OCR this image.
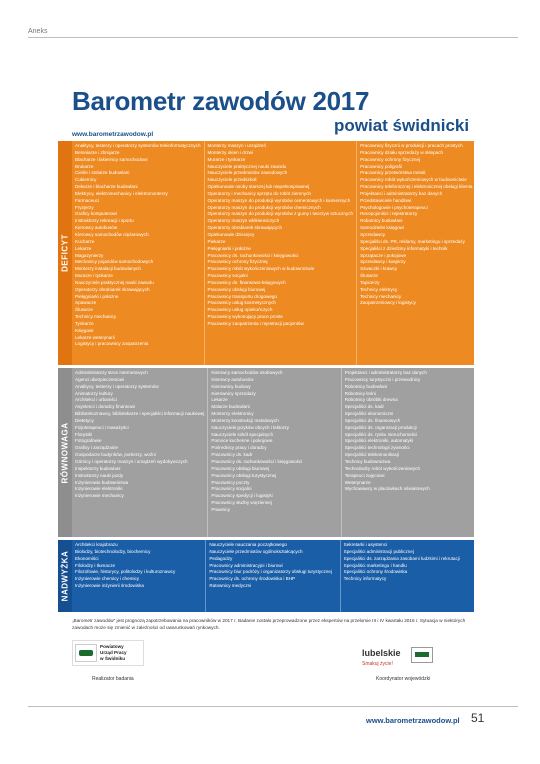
Aneks
Barometr zawodów 2017
powiat świdnicki
www.barometrzawodow.pl
DEFICYT
Analitycy, testerzy i operatorzy systemów teleinformatycznych
Betoniarze i zbrojarze
Blacharze i lakiernicy samochodowi
Brukarze
Cieśle i stolarze budowlani
Cukiernicy
Dekarze i blacharze budowlani
Elektrycy, elektromechanicy i elektromonterzy
Farmaceuci
Fryzjerzy
Graficy komputerowi
Instruktorzy rekreacji i sportu
Kierowcy autobusów
Kierowcy samochodów ciężarowych
Kucharze
Lekarze
Magazynierzy
Mechanicy pojazdów samochodowych
Monterzy instalacji budowlanych
Murarze i tynkarze
Nauczyciele praktycznej nauki zawodu
Operatorzy obrabiarek skrawających
Pielęgniarki i położne
Spawacze
Ślusarze
Technicy mechanicy
Tynkarze
Księgowi
Lekarze weterynarii
Logistycy i pracownicy zaopatrzenia
Monterzy maszyn i urządzeń
Monterzy okien i drzwi
Murarze i tynkarze
Nauczyciele praktycznej nauki zawodu
Nauczyciele przedmiotów zawodowych
Nauczyciele przedszkoli
Opiekunowie osoby starszej lub niepełnosprawnej
Operatorzy i mechanicy sprzętu do robót ziemnych
Operatorzy maszyn do produkcji wyrobów cementowych i kamiennych
Operatorzy maszyn do produkcji wyrobów chemicznych
Operatorzy maszyn do produkcji wyrobów z gumy i tworzyw sztucznych
Operatorzy maszyn włókienniczych
Operatorzy obrabiarek skrawających
Opiekunowie dziecięcy
Piekarze
Pielęgniarki i położne
Pracownicy ds. rachunkowości i księgowości
Pracownicy ochrony fizycznej
Pracownicy robót wykończeniowych w budownictwie
Pracownicy socjalni
Pracownicy ds. finansowo-księgowych
Pracownicy obsługi biurowej
Pracownicy transportu drogowego
Pracownicy usług kosmetycznych
Pracownicy usług opiekuńczych
Pracownicy wykonujący prace proste
Pracownicy zaopatrzenia i rejestracji pacjentów
Pracownicy fizyczni w produkcji i pracach prostych
Pracownicy działu sprzedaży w sklepach
Pracownicy ochrony fizycznej
Pracownicy poligrafii
Pracownicy przetwórstwa metali
Pracownicy robót wykończeniowych w budownictwie
Pracownicy telefonicznej i elektronicznej obsługi klienta
Projektanci i administratorzy baz danych
Przedstawiciele handlowi
Psychologowie i psychoterapeuci
Recepcjoniści i rejestratorzy
Robotnicy budowlani
Samodzielni księgowi
Sprzedawcy
Specjaliści ds. PR, reklamy, marketingu i sprzedaży
Specjaliści z dziedziny informatyki i technik
Sprzątacze i pokojowe
Sprzedawcy i kasjerzy
Szwaczki i krawcy
Ślusarze
Tapicerzy
Technicy elektrycy
Technicy mechanicy
Zaopatrzeniowcy i logistycy
RÓWNOWAGA
Administratorzy stron internetowych
Agenci ubezpieczeniowi
Analitycy, testerzy i operatorzy systemów
Animatorzy kultury
Architekci i urbaniści
Asystenci i doradcy finansowi
Bibliotekoznawcy, bibliotekarze i specjaliści informacji naukowej
Dietetycy
Fizjoterapeuci i masażyści
Florystki
Fotografowie
Graficy i zarządzanie
Gospodarze budynków, portierzy, woźni
Górnicy i operatorzy maszyn i urządzeń wydobywczych
Inspektorzy budowlani
Instruktorzy nauki jazdy
Inżynierowie budownictwa
Inżynierowie elektroniki
Inżynierowie mechanicy
Kierowcy samochodów osobowych
Kierowcy autobusów
Kierownicy budowy
Kierownicy sprzedaży
Lekarze
Malarze budowlani
Monterzy elektronicy
Monterzy konstrukcji metalowych
Nauczyciele języków obcych i lektorzy
Nauczyciele szkół specjalnych
Pomoce kuchenne i pokojowe
Pośrednicy pracy i doradcy
Pracownicy ds. kadr
Pracownicy ds. rachunkowości i księgowości
Pracownicy obsługi biurowej
Pracownicy obsługi turystycznej
Pracownicy poczty
Pracownicy socjalni
Pracownicy spedycji i logistyki
Pracownicy służby więziennej
Prawnicy
Projektanci i administratorzy baz danych
Pracownicy turystyczni i przewodnicy
Robotnicy budowlani
Robotnicy leśni
Robotnicy obróbki drewna
Specjaliści ds. kadr
Specjaliści ekonomiczni
Specjaliści ds. finansowych
Specjaliści ds. organizacji produkcji
Specjaliści ds. rynku nieruchomości
Specjaliści elektroniki, automatyki
Specjaliści technologii żywności
Specjaliści telekomunikacji
Technicy budownictwa
Technolodzy robót wykończeniowych
Terapeuci zajęciowi
Weterynarze
Wychowawcy w placówkach oświatowych
NADWYŻKA
Architekci krajobrazu
Biolodzy, biotechnolodzy, biochemicy
Ekonomiści
Filolodzy i tłumacze
Filozofowie, historycy, politolodzy i kulturoznawcy
Inżynierowie chemicy i chemicy
Inżynierowie inżynierii środowiska
Nauczyciele nauczania początkowego
Nauczyciele przedmiotów ogólnokształcących
Pedagodzy
Pracownicy administracyjni i biurowi
Pracownicy biur podróży i organizatorzy obsługi turystycznej
Pracownicy ds. ochrony środowiska i BHP
Ratownicy medyczni
Sekretarki i asystenci
Specjaliści administracji publicznej
Specjaliści ds. zarządzania zasobami ludzkimi i rekrutacji
Specjaliści marketingu i handlu
Specjaliści ochrony środowiska
Technicy informatycy
„Barometr zawodów” jest prognozą zapotrzebowania na pracowników w 2017 r. Badanie zostało przeprowadzone przez ekspertów na przełomie III i IV kwartału 2016 r. Sytuacja w niektórych zawodach może się zmienić w zależności od uwarunkowań rynkowych.
Powiatowy
Urząd Pracy
w Świdniku
Realizator badania
lubelskie
Smakuj życie!
Koordynator wojewódzki
www.barometrzawodow.pl 51
